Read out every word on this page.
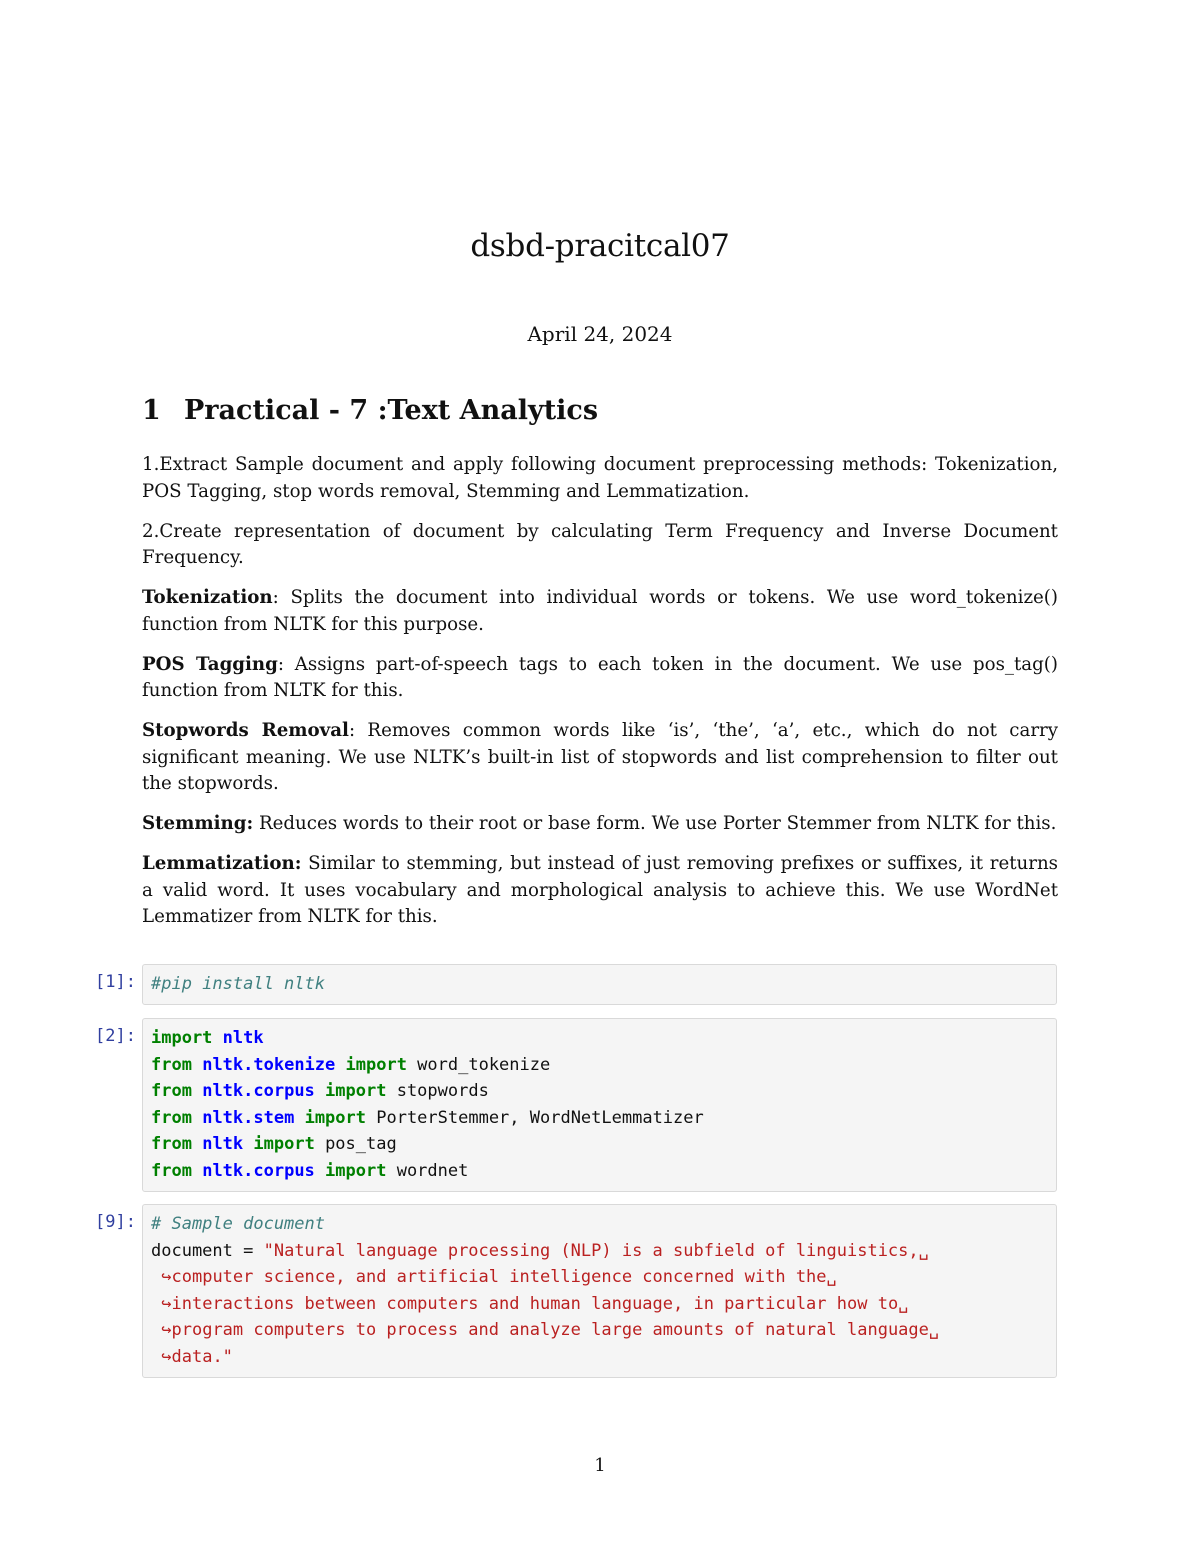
dsbd-pracitcal07
April 24, 2024
1 Practical - 7 :Text Analytics

1.Extract Sample document and apply following document preprocessing methods: Tokenization, POS Tagging, stop words removal, Stemming and Lemmatization.

2.Create representation of document by calculating Term Frequency and Inverse Document Frequency.

Tokenization: Splits the document into individual words or tokens. We use word_tokenize() function from NLTK for this purpose.

POS Tagging: Assigns part-of-speech tags to each token in the document. We use pos_tag() function from NLTK for this.

Stopwords Removal: Removes common words like ‘is’, ‘the’, ‘a’, etc., which do not carry significant meaning. We use NLTK’s built-in list of stopwords and list comprehension to filter out the stopwords.

Stemming: Reduces words to their root or base form. We use Porter Stemmer from NLTK for this.

Lemmatization: Similar to stemming, but instead of just removing prefixes or suffixes, it returns a valid word. It uses vocabulary and morphological analysis to achieve this. We use WordNet Lemmatizer from NLTK for this.

[1]: #pip install nltk
[2]: import nltk
from nltk.tokenize import word_tokenize
from nltk.corpus import stopwords
from nltk.stem import PorterStemmer, WordNetLemmatizer
from nltk import pos_tag
from nltk.corpus import wordnet
[9]: # Sample document
document = "Natural language processing (NLP) is a subfield of linguistics,␣
↪computer science, and artificial intelligence concerned with the␣
↪interactions between computers and human language, in particular how to␣
↪program computers to process and analyze large amounts of natural language␣
↪data."
1
